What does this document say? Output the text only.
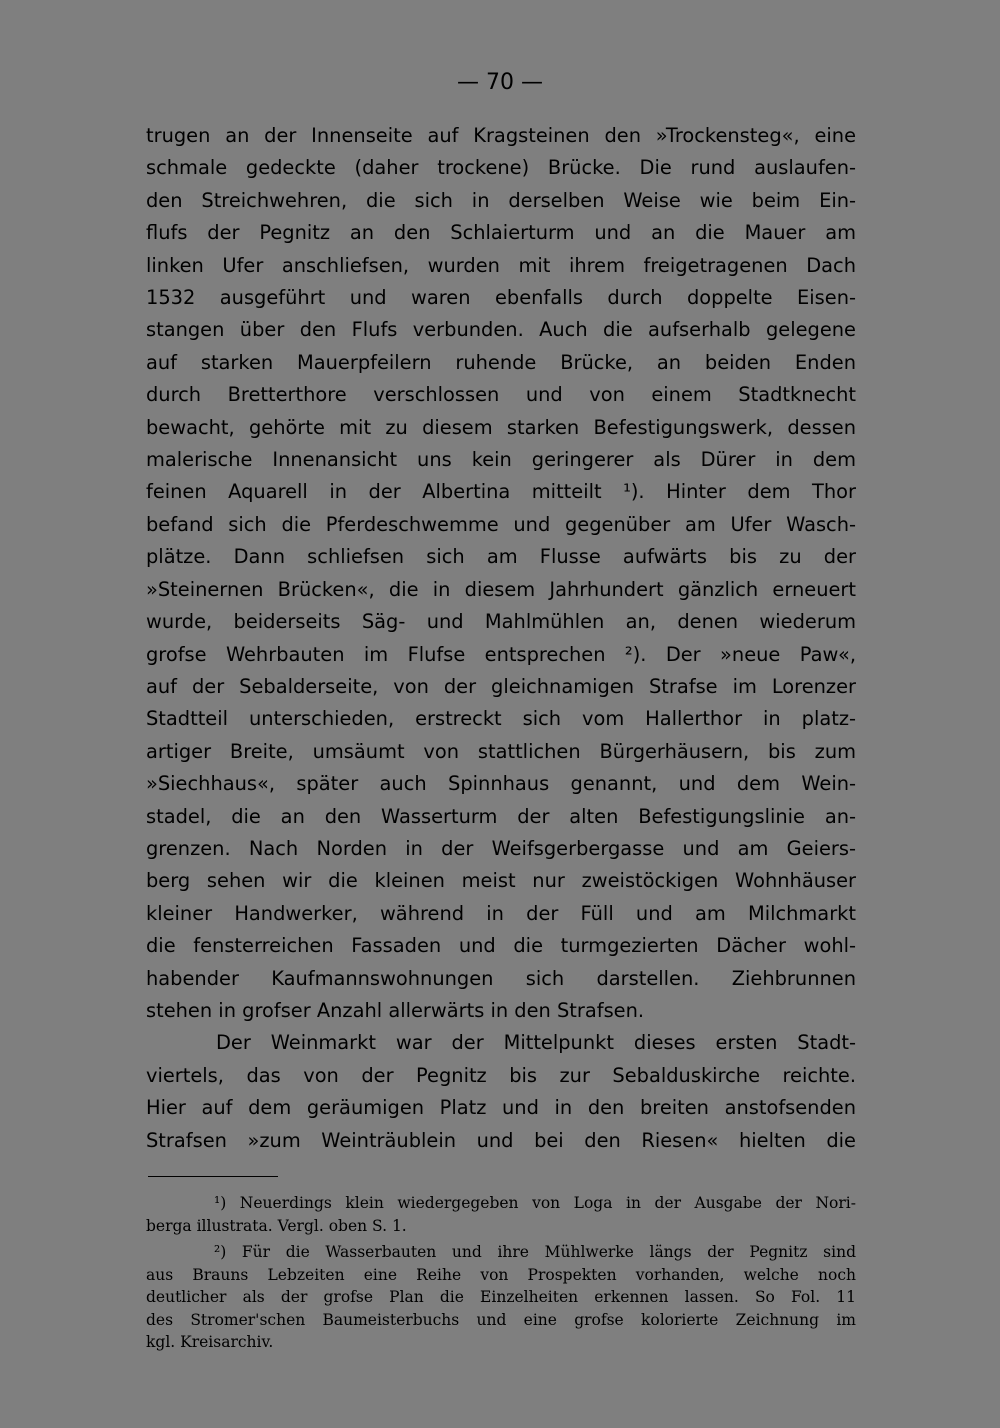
— 70 —
trugen an der Innenseite auf Kragsteinen den »Trockensteg«, eine
schmale gedeckte (daher trockene) Brücke. Die rund auslaufen-
den Streichwehren, die sich in derselben Weise wie beim Ein-
flufs der Pegnitz an den Schlaierturm und an die Mauer am
linken Ufer anschliefsen, wurden mit ihrem freigetragenen Dach
1532 ausgeführt und waren ebenfalls durch doppelte Eisen-
stangen über den Flufs verbunden. Auch die aufserhalb gelegene
auf starken Mauerpfeilern ruhende Brücke, an beiden Enden
durch Bretterthore verschlossen und von einem Stadtknecht
bewacht, gehörte mit zu diesem starken Befestigungswerk, dessen
malerische Innenansicht uns kein geringerer als Dürer in dem
feinen Aquarell in der Albertina mitteilt ¹). Hinter dem Thor
befand sich die Pferdeschwemme und gegenüber am Ufer Wasch-
plätze. Dann schliefsen sich am Flusse aufwärts bis zu der
»Steinernen Brücken«, die in diesem Jahrhundert gänzlich erneuert
wurde, beiderseits Säg- und Mahlmühlen an, denen wiederum
grofse Wehrbauten im Flufse entsprechen ²). Der »neue Paw«,
auf der Sebalderseite, von der gleichnamigen Strafse im Lorenzer
Stadtteil unterschieden, erstreckt sich vom Hallerthor in platz-
artiger Breite, umsäumt von stattlichen Bürgerhäusern, bis zum
»Siechhaus«, später auch Spinnhaus genannt, und dem Wein-
stadel, die an den Wasserturm der alten Befestigungslinie an-
grenzen. Nach Norden in der Weifsgerbergasse und am Geiers-
berg sehen wir die kleinen meist nur zweistöckigen Wohnhäuser
kleiner Handwerker, während in der Füll und am Milchmarkt
die fensterreichen Fassaden und die turmgezierten Dächer wohl-
habender Kaufmannswohnungen sich darstellen. Ziehbrunnen
stehen in grofser Anzahl allerwärts in den Strafsen.
Der Weinmarkt war der Mittelpunkt dieses ersten Stadt-
viertels, das von der Pegnitz bis zur Sebalduskirche reichte.
Hier auf dem geräumigen Platz und in den breiten anstofsenden
Strafsen »zum Weinträublein und bei den Riesen« hielten die
¹) Neuerdings klein wiedergegeben von Loga in der Ausgabe der Nori-
berga illustrata. Vergl. oben S. 1.
²) Für die Wasserbauten und ihre Mühlwerke längs der Pegnitz sind
aus Brauns Lebzeiten eine Reihe von Prospekten vorhanden, welche noch
deutlicher als der grofse Plan die Einzelheiten erkennen lassen. So Fol. 11
des Stromer'schen Baumeisterbuchs und eine grofse kolorierte Zeichnung im
kgl. Kreisarchiv.
